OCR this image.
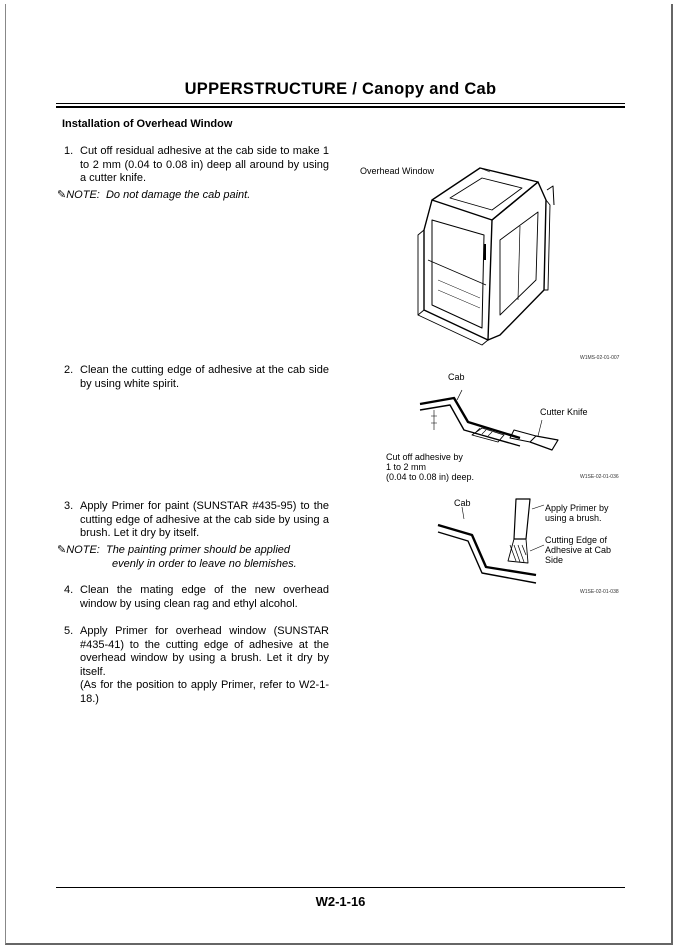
UPPERSTRUCTURE / Canopy and Cab
Installation of Overhead Window
1. Cut off residual adhesive at the cab side to make 1 to 2 mm (0.04 to 0.08 in) deep all around by using a cutter knife.
✎NOTE: Do not damage the cab paint.
2. Clean the cutting edge of adhesive at the cab side by using white spirit.
3. Apply Primer for paint (SUNSTAR #435-95) to the cutting edge of adhesive at the cab side by using a brush. Let it dry by itself.
✎NOTE: The painting primer should be applied
evenly in order to leave no blemishes.
4. Clean the mating edge of the new overhead window by using clean rag and ethyl alcohol.
5. Apply Primer for overhead window (SUNSTAR #435-41) to the cutting edge of adhesive at the overhead window by using a brush. Let it dry by itself.
(As for the position to apply Primer, refer to W2-1-18.)
Overhead Window
W1MS-02-01-007
Cab
Cutter Knife
Cut off adhesive by
1 to 2 mm
(0.04 to 0.08 in) deep.	W1SE-02-01-036
Cab	Apply Primer by
using a brush.
Cutting Edge of
Adhesive at Cab
Side
W1SE-02-01-038
W2-1-16
